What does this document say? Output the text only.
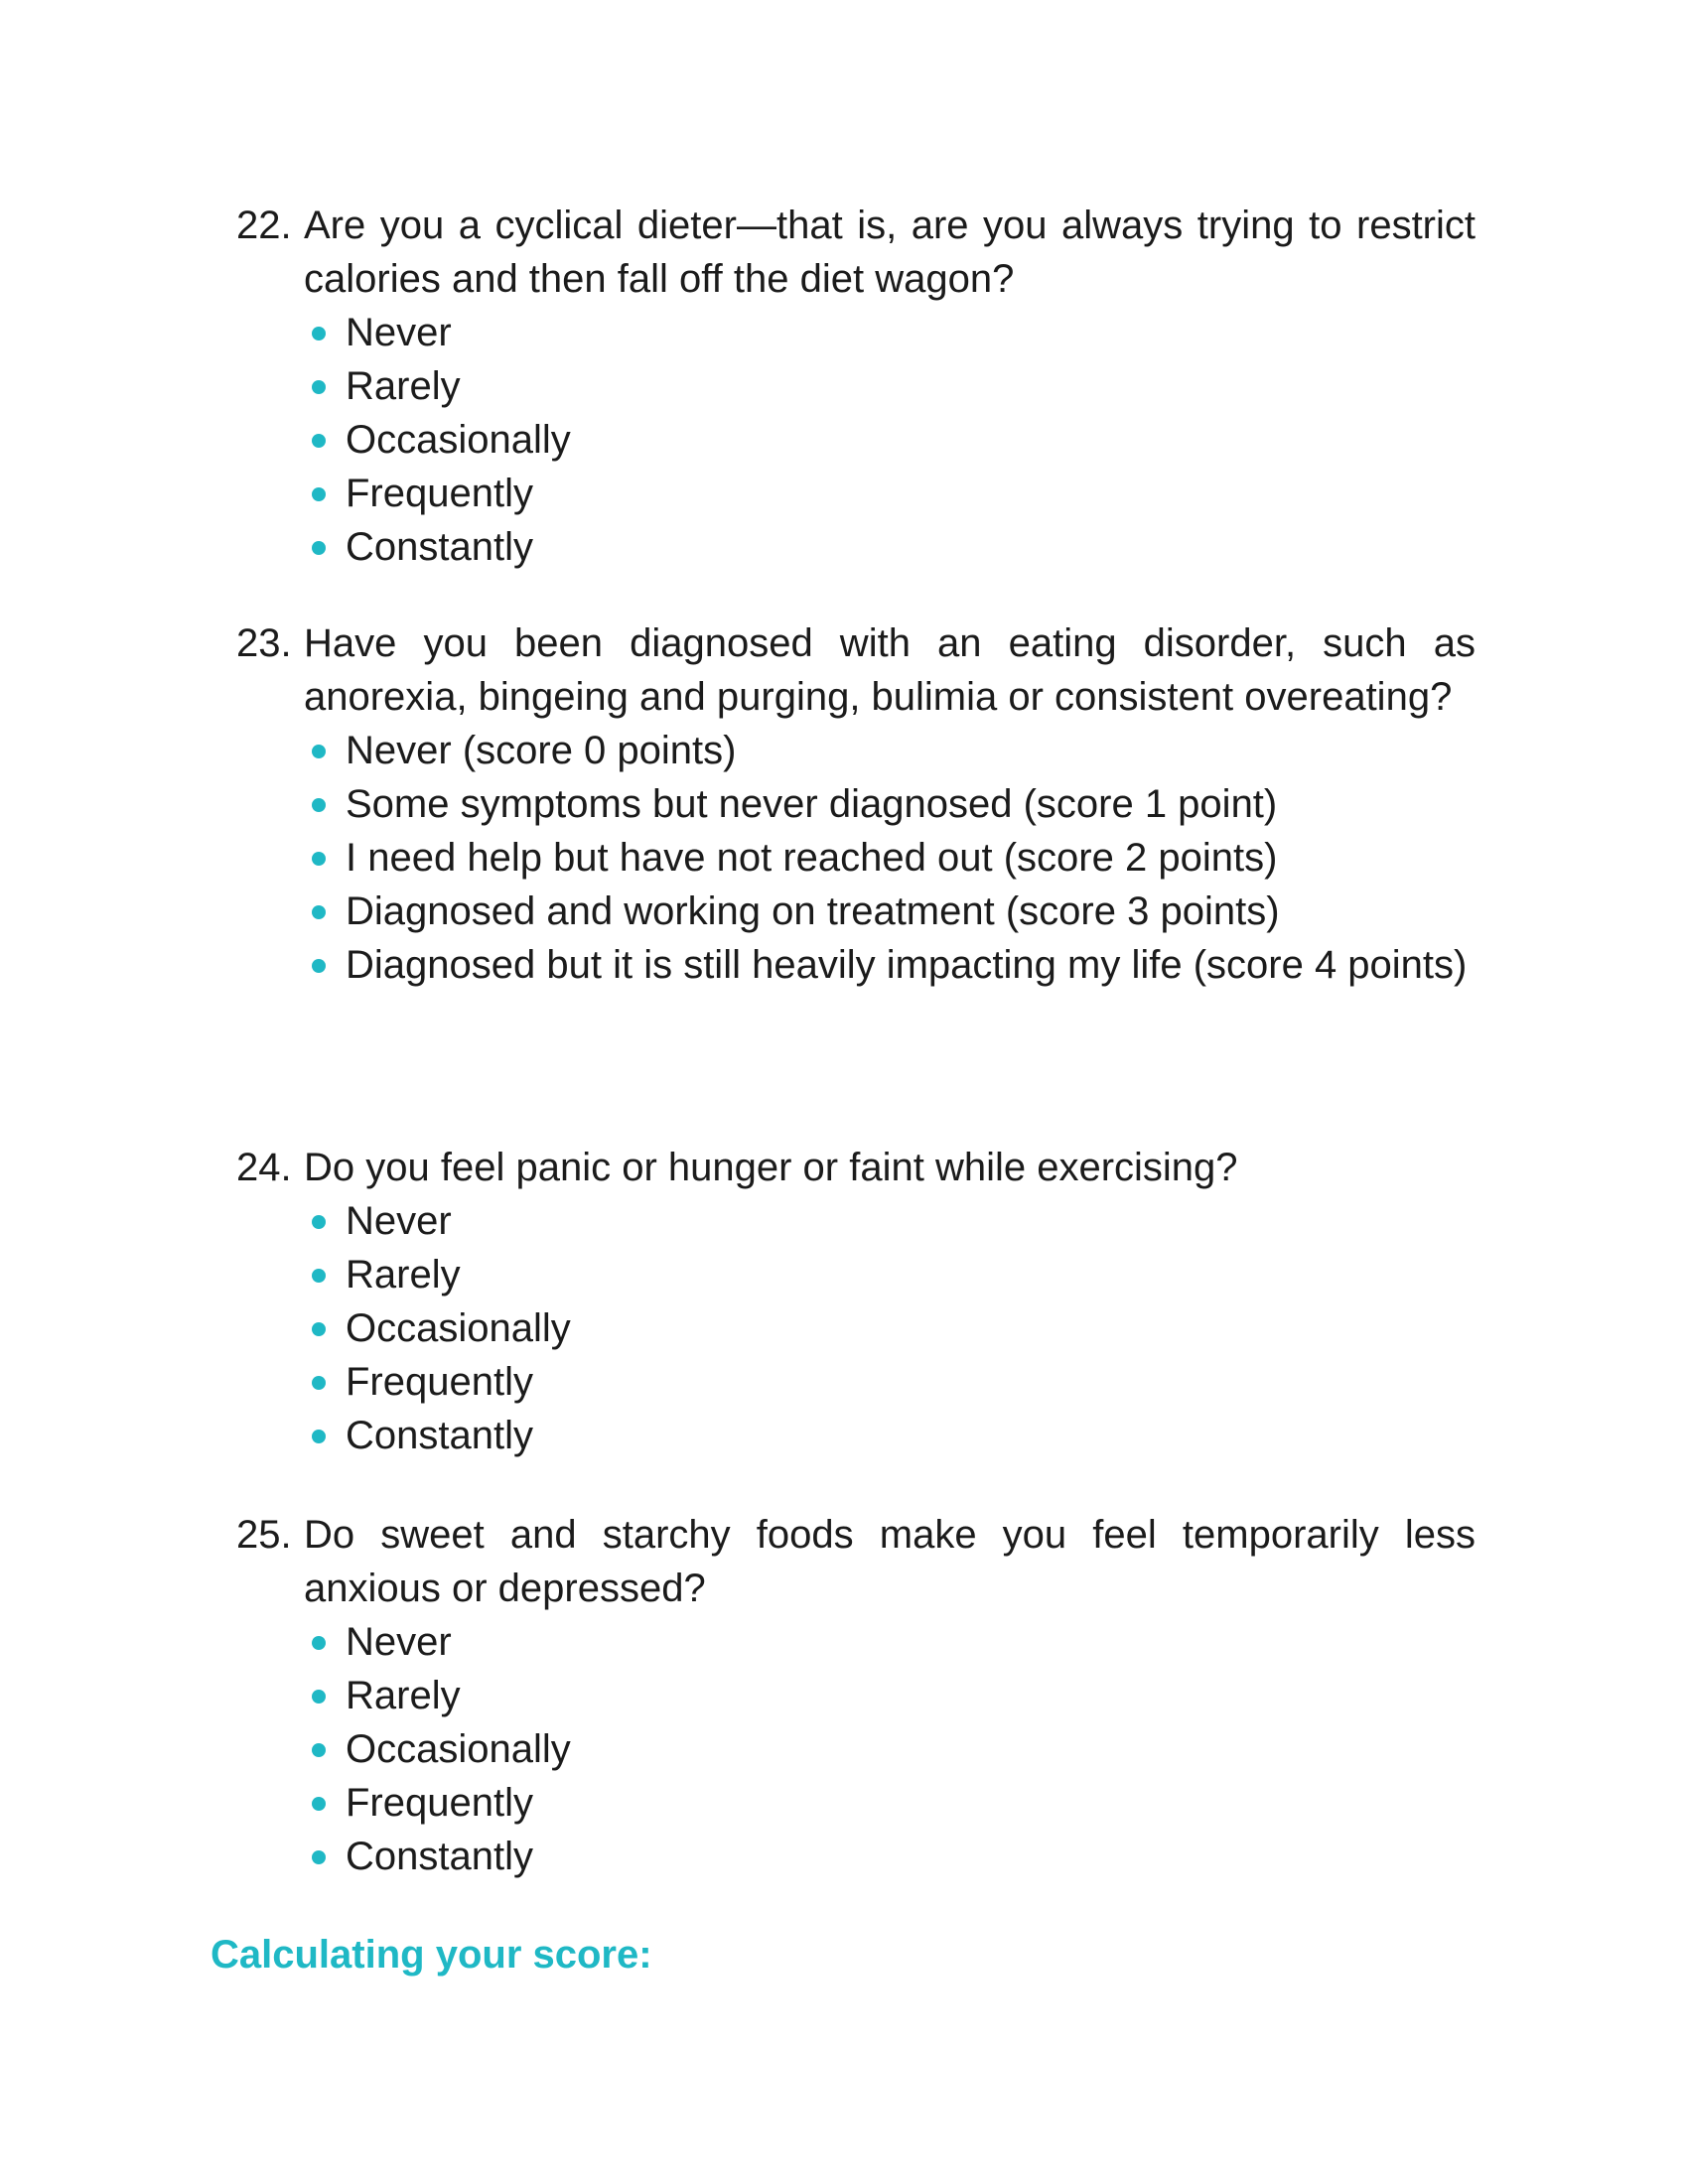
22. Are you a cyclical dieter—that is, are you always trying to restrict calories and then fall off the diet wagon?
Never
Rarely
Occasionally
Frequently
Constantly
23. Have you been diagnosed with an eating disorder, such as anorexia, bingeing and purging, bulimia or consistent overeating?
Never (score 0 points)
Some symptoms but never diagnosed (score 1 point)
I need help but have not reached out (score 2 points)
Diagnosed and working on treatment (score 3 points)
Diagnosed but it is still heavily impacting my life (score 4 points)
24. Do you feel panic or hunger or faint while exercising?
Never
Rarely
Occasionally
Frequently
Constantly
25. Do sweet and starchy foods make you feel temporarily less anxious or depressed?
Never
Rarely
Occasionally
Frequently
Constantly
Calculating your score:
